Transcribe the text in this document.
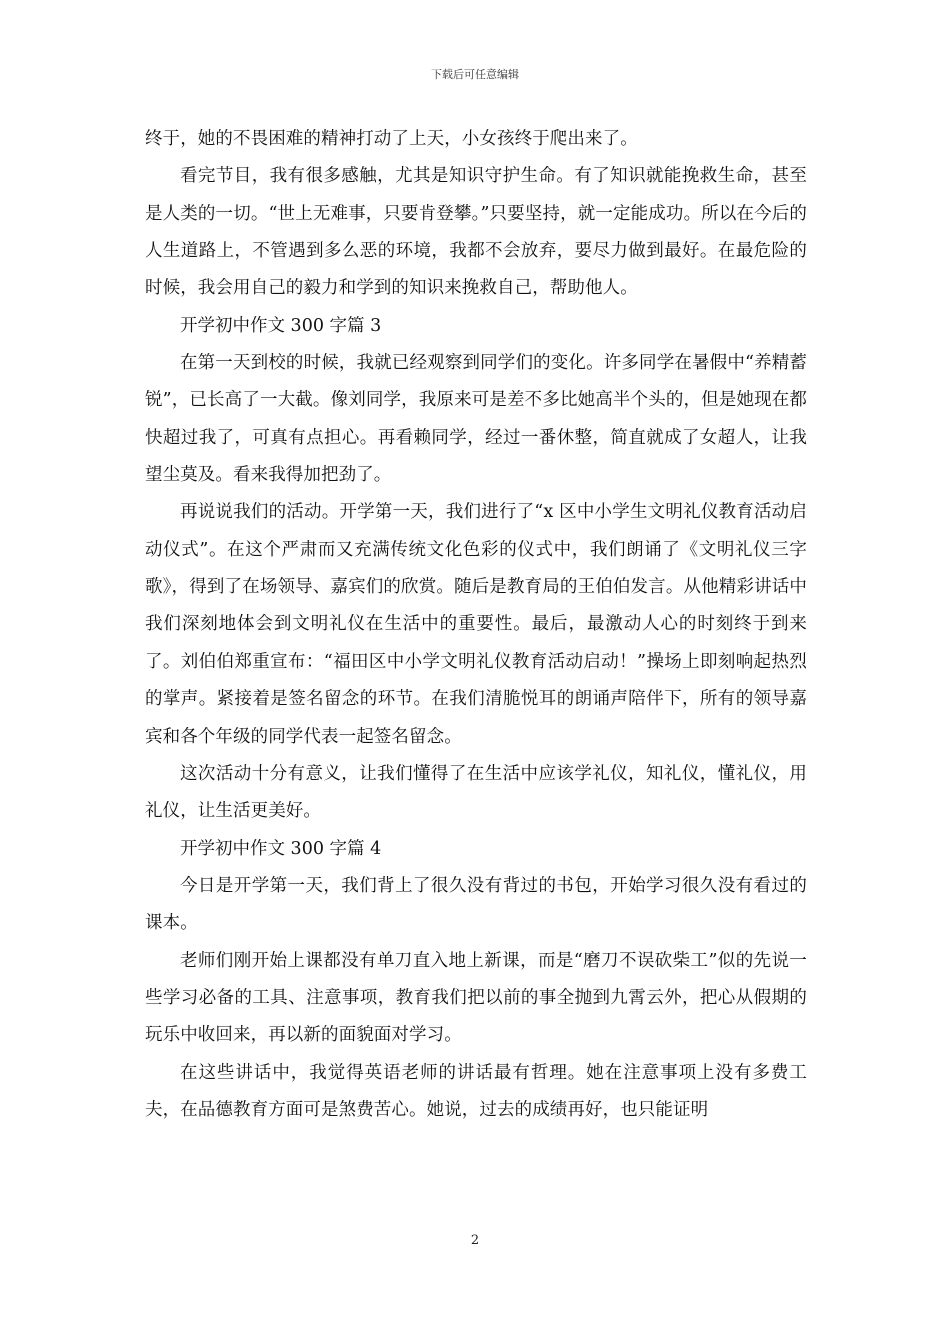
下载后可任意编辑

终于，她的不畏困难的精神打动了上天，小女孩终于爬出来了。

看完节目，我有很多感触，尤其是知识守护生命。有了知识就能挽救生命，甚至是人类的一切。“世上无难事，只要肯登攀。”只要坚持，就一定能成功。所以在今后的人生道路上，不管遇到多么恶的环境，我都不会放弃，要尽力做到最好。在最危险的时候，我会用自己的毅力和学到的知识来挽救自己，帮助他人。

开学初中作文 300 字篇 3

在第一天到校的时候，我就已经观察到同学们的变化。许多同学在暑假中“养精蓄锐”，已长高了一大截。像刘同学，我原来可是差不多比她高半个头的，但是她现在都快超过我了，可真有点担心。再看赖同学，经过一番休整，简直就成了女超人，让我望尘莫及。看来我得加把劲了。

再说说我们的活动。开学第一天，我们进行了“x 区中小学生文明礼仪教育活动启动仪式”。在这个严肃而又充满传统文化色彩的仪式中，我们朗诵了《文明礼仪三字歌》，得到了在场领导、嘉宾们的欣赏。随后是教育局的王伯伯发言。从他精彩讲话中我们深刻地体会到文明礼仪在生活中的重要性。最后，最激动人心的时刻终于到来了。刘伯伯郑重宣布：“福田区中小学文明礼仪教育活动启动！”操场上即刻响起热烈的掌声。紧接着是签名留念的环节。在我们清脆悦耳的朗诵声陪伴下，所有的领导嘉宾和各个年级的同学代表一起签名留念。

这次活动十分有意义，让我们懂得了在生活中应该学礼仪，知礼仪，懂礼仪，用礼仪，让生活更美好。

开学初中作文 300 字篇 4

今日是开学第一天，我们背上了很久没有背过的书包，开始学习很久没有看过的课本。

老师们刚开始上课都没有单刀直入地上新课，而是“磨刀不误砍柴工”似的先说一些学习必备的工具、注意事项，教育我们把以前的事全抛到九霄云外，把心从假期的玩乐中收回来，再以新的面貌面对学习。

在这些讲话中，我觉得英语老师的讲话最有哲理。她在注意事项上没有多费工夫，在品德教育方面可是煞费苦心。她说，过去的成绩再好，也只能证明

2
